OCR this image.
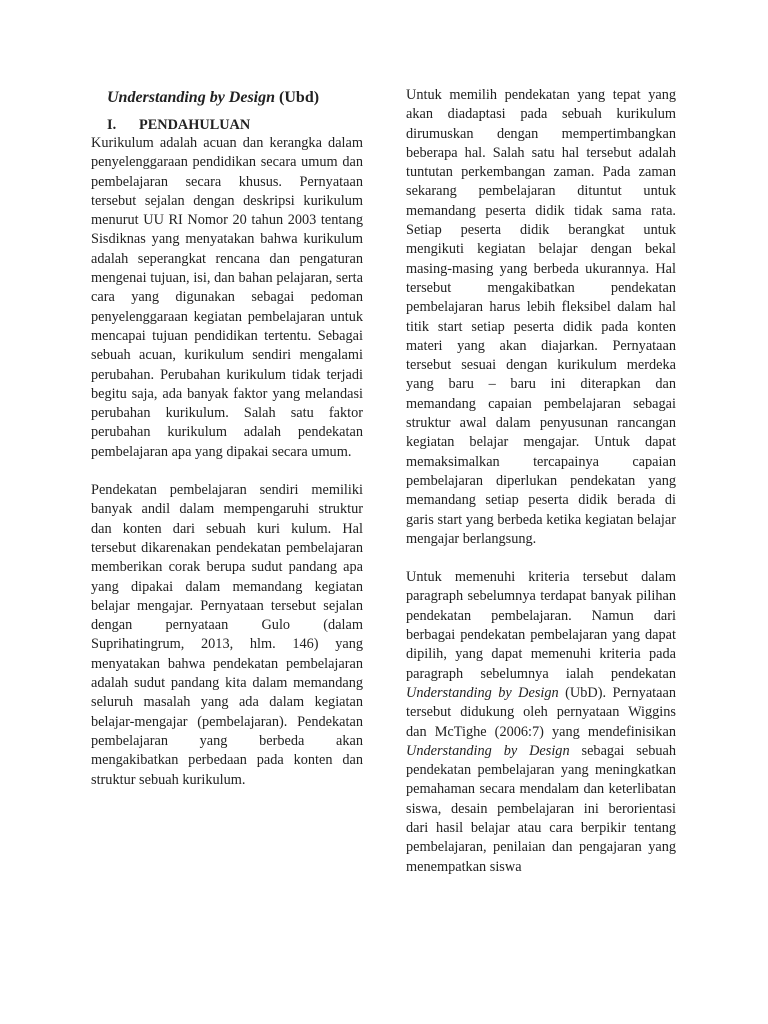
Understanding by Design (Ubd)
I. PENDAHULUAN

Kurikulum adalah acuan dan kerangka dalam penyelenggaraan pendidikan secara umum dan pembelajaran secara khusus. Pernyataan tersebut sejalan dengan deskripsi kurikulum menurut UU RI Nomor 20 tahun 2003 tentang Sisdiknas yang menyatakan bahwa kurikulum adalah seperangkat rencana dan pengaturan mengenai tujuan, isi, dan bahan pelajaran, serta cara yang digunakan sebagai pedoman penyelenggaraan kegiatan pembelajaran untuk mencapai tujuan pendidikan tertentu. Sebagai sebuah acuan, kurikulum sendiri mengalami perubahan. Perubahan kurikulum tidak terjadi begitu saja, ada banyak faktor yang melandasi perubahan kurikulum. Salah satu faktor perubahan kurikulum adalah pendekatan pembelajaran apa yang dipakai secara umum.

Pendekatan pembelajaran sendiri memiliki banyak andil dalam mempengaruhi struktur dan konten dari sebuah kuri kulum. Hal tersebut dikarenakan pendekatan pembelajaran memberikan corak berupa sudut pandang apa yang dipakai dalam memandang kegiatan belajar mengajar. Pernyataan tersebut sejalan dengan pernyataan Gulo (dalam Suprihatingrum, 2013, hlm. 146) yang menyatakan bahwa pendekatan pembelajaran adalah sudut pandang kita dalam memandang seluruh masalah yang ada dalam kegiatan belajar-mengajar (pembelajaran). Pendekatan pembelajaran yang berbeda akan mengakibatkan perbedaan pada konten dan struktur sebuah kurikulum.

Untuk memilih pendekatan yang tepat yang akan diadaptasi pada sebuah kurikulum dirumuskan dengan mempertimbangkan beberapa hal. Salah satu hal tersebut adalah tuntutan perkembangan zaman. Pada zaman sekarang pembelajaran dituntut untuk memandang peserta didik tidak sama rata. Setiap peserta didik berangkat untuk mengikuti kegiatan belajar dengan bekal masing-masing yang berbeda ukurannya. Hal tersebut mengakibatkan pendekatan pembelajaran harus lebih fleksibel dalam hal titik start setiap peserta didik pada konten materi yang akan diajarkan. Pernyataan tersebut sesuai dengan kurikulum merdeka yang baru – baru ini diterapkan dan memandang capaian pembelajaran sebagai struktur awal dalam penyusunan rancangan kegiatan belajar mengajar. Untuk dapat memaksimalkan tercapainya capaian pembelajaran diperlukan pendekatan yang memandang setiap peserta didik berada di garis start yang berbeda ketika kegiatan belajar mengajar berlangsung.

Untuk memenuhi kriteria tersebut dalam paragraph sebelumnya terdapat banyak pilihan pendekatan pembelajaran. Namun dari berbagai pendekatan pembelajaran yang dapat dipilih, yang dapat memenuhi kriteria pada paragraph sebelumnya ialah pendekatan Understanding by Design (UbD). Pernyataan tersebut didukung oleh pernyataan Wiggins dan McTighe (2006:7) yang mendefinisikan Understanding by Design sebagai sebuah pendekatan pembelajaran yang meningkatkan pemahaman secara mendalam dan keterlibatan siswa, desain pembelajaran ini berorientasi dari hasil belajar atau cara berpikir tentang pembelajaran, penilaian dan pengajaran yang menempatkan siswa
